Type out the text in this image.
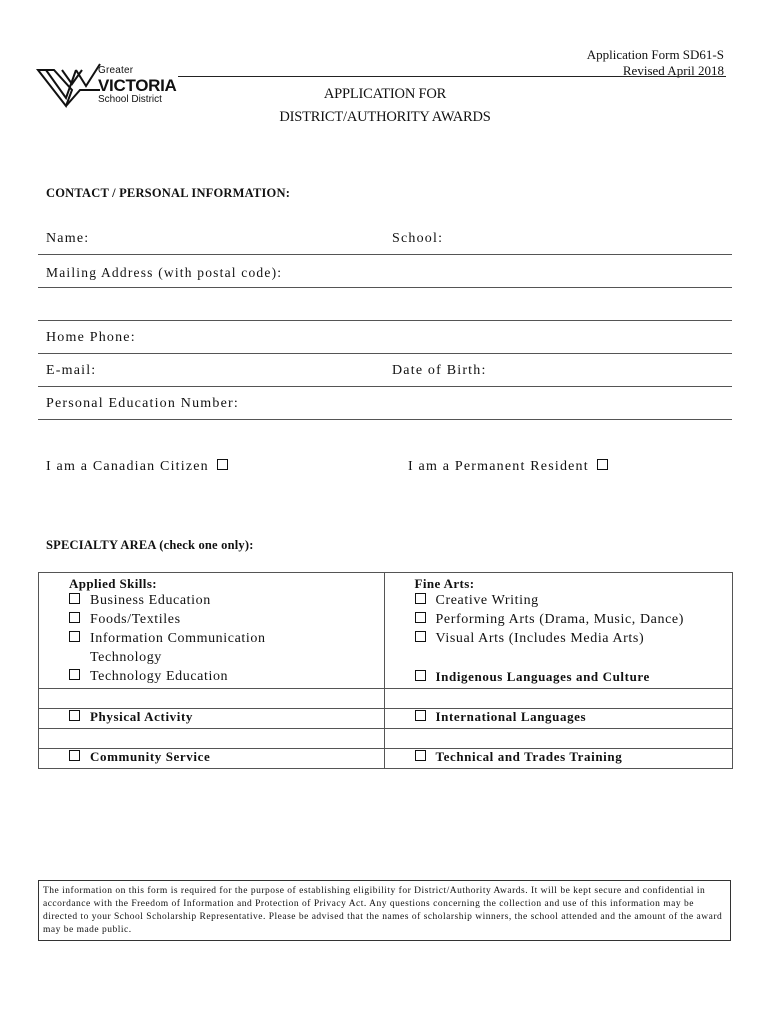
Greater
VICTORIA
School District
Application Form SD61-S
Revised April 2018
APPLICATION FOR
DISTRICT/AUTHORITY AWARDS
CONTACT / PERSONAL INFORMATION:
Name:	School:
Mailing Address (with postal code):
Home Phone:
E-mail:	Date of Birth:
Personal Education Number:
I am a Canadian Citizen	I am a Permanent Resident
SPECIALTY AREA (check one only):
Applied Skills:	Fine Arts:
Business Education	Creative Writing
Foods/Textiles	Performing Arts (Drama, Music, Dance)
Information Communication	Visual Arts (Includes Media Arts)
Technology	
Technology Education	Indigenous Languages and Culture

Physical Activity	International Languages

Community Service	Technical and Trades Training
The information on this form is required for the purpose of establishing eligibility for District/Authority Awards. It will be kept secure and confidential in accordance with the Freedom of Information and Protection of Privacy Act. Any questions concerning the collection and use of this information may be directed to your School Scholarship Representative. Please be advised that the names of scholarship winners, the school attended and the amount of the award may be made public.
